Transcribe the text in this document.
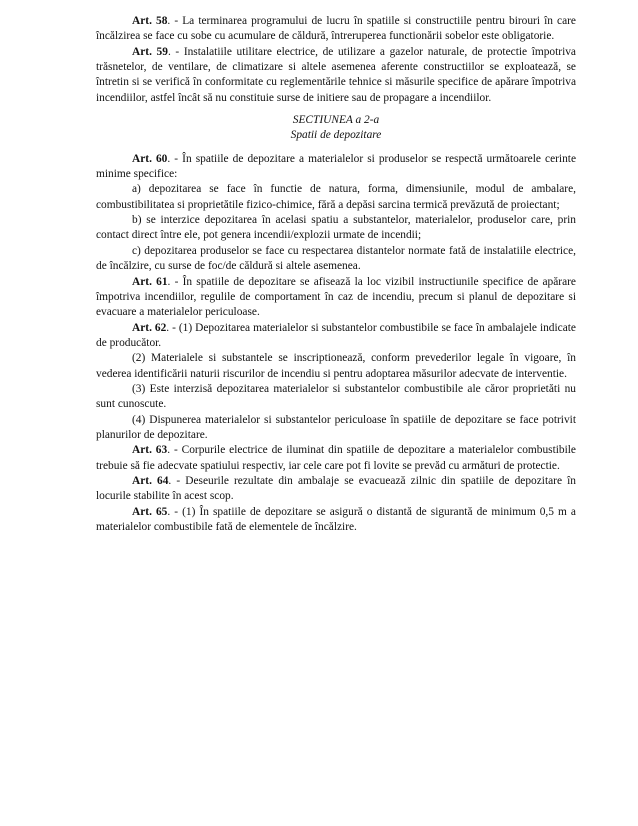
Art. 58. - La terminarea programului de lucru în spatiile si constructiile pentru birouri în care încălzirea se face cu sobe cu acumulare de căldură, întreruperea functionării sobelor este obligatorie.

Art. 59. - Instalatiile utilitare electrice, de utilizare a gazelor naturale, de protectie împotriva trăsnetelor, de ventilare, de climatizare si altele asemenea aferente constructiilor se exploatează, se întretin si se verifică în conformitate cu reglementările tehnice si măsurile specifice de apărare împotriva incendiilor, astfel încât să nu constituie surse de initiere sau de propagare a incendiilor.

SECTIUNEA a 2-a

Spatii de depozitare

Art. 60. - În spatiile de depozitare a materialelor si produselor se respectă următoarele cerinte minime specifice:

a) depozitarea se face în functie de natura, forma, dimensiunile, modul de ambalare, combustibilitatea si proprietătile fizico-chimice, fără a depăsi sarcina termică prevăzută de proiectant;

b) se interzice depozitarea în acelasi spatiu a substantelor, materialelor, produselor care, prin contact direct între ele, pot genera incendii/explozii urmate de incendii;

c) depozitarea produselor se face cu respectarea distantelor normate fată de instalatiile electrice, de încălzire, cu surse de foc/de căldură si altele asemenea.

Art. 61. - În spatiile de depozitare se afisează la loc vizibil instructiunile specifice de apărare împotriva incendiilor, regulile de comportament în caz de incendiu, precum si planul de depozitare si evacuare a materialelor periculoase.

Art. 62. - (1) Depozitarea materialelor si substantelor combustibile se face în ambalajele indicate de producător.

(2) Materialele si substantele se inscriptionează, conform prevederilor legale în vigoare, în vederea identificării naturii riscurilor de incendiu si pentru adoptarea măsurilor adecvate de interventie.

(3) Este interzisă depozitarea materialelor si substantelor combustibile ale căror proprietăti nu sunt cunoscute.

(4) Dispunerea materialelor si substantelor periculoase în spatiile de depozitare se face potrivit planurilor de depozitare.

Art. 63. - Corpurile electrice de iluminat din spatiile de depozitare a materialelor combustibile trebuie să fie adecvate spatiului respectiv, iar cele care pot fi lovite se prevăd cu armături de protectie.

Art. 64. - Deseurile rezultate din ambalaje se evacuează zilnic din spatiile de depozitare în locurile stabilite în acest scop.

Art. 65. - (1) În spatiile de depozitare se asigură o distantă de sigurantă de minimum 0,5 m a materialelor combustibile fată de elementele de încălzire.
